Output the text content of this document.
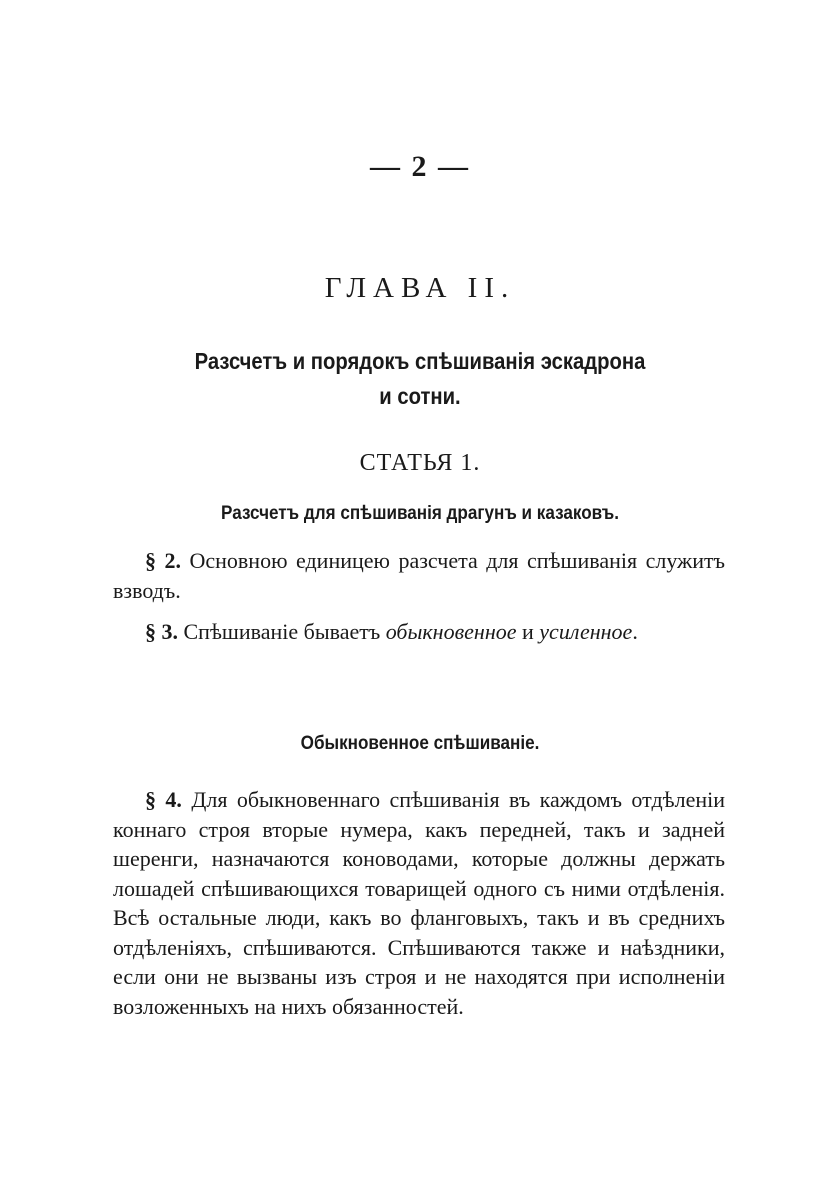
— 2 —
ГЛАВА II.
Разсчетъ и порядокъ спѣшиванія эскадрона
и сотни.
СТАТЬЯ 1.
Разсчетъ для спѣшиванія драгунъ и казаковъ.

§ 2. Основною единицею разсчета для спѣшиванія служитъ взводъ.

§ 3. Спѣшиваніе бываетъ обыкновенное и усиленное.

Обыкновенное спѣшиваніе.

§ 4. Для обыкновеннаго спѣшиванія въ каждомъ отдѣленіи коннаго строя вторые нумера, какъ передней, такъ и задней шеренги, назначаются коноводами, которые должны держать лошадей спѣшивающихся товарищей одного съ ними отдѣленія. Всѣ остальные люди, какъ во фланговыхъ, такъ и въ среднихъ отдѣленіяхъ, спѣшиваются. Спѣшиваются также и наѣздники, если они не вызваны изъ строя и не находятся при исполненіи возложенныхъ на нихъ обязанностей.
